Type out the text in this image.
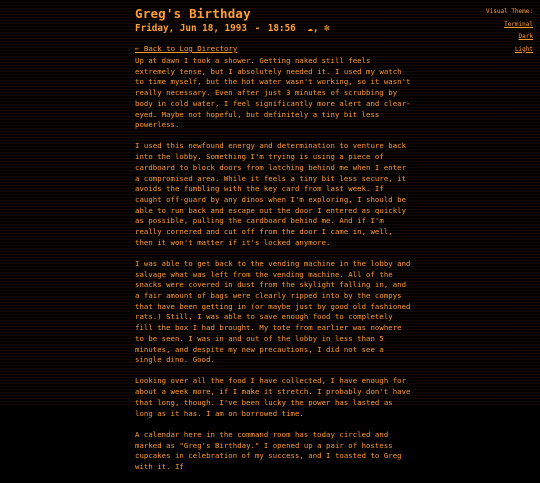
Greg's Birthday
Friday, Jun 18, 1993 - 18:56 ☁, ❄
← Back to Log Directory
Visual Theme:
Terminal
Dark
Light

Up at dawn I took a shower. Getting naked still feels extremely tense, but I absolutely needed it. I used my watch to time myself, but the hot water wasn't working, so it wasn't really necessary. Even after just 3 minutes of scrubbing by body in cold water, I feel significantly more alert and clear-eyed. Maybe not hopeful, but definitely a tiny bit less powerless.

I used this newfound energy and determination to venture back into the lobby. Something I'm trying is using a piece of cardboard to block doors from latching behind me when I enter a compromised area. While it feels a tiny bit less secure, it avoids the fumbling with the key card from last week. If caught off-guard by any dinos when I'm exploring, I should be able to run back and escape out the door I entered as quickly as possible, pulling the cardboard behind me. And if I'm really cornered and cut off from the door I came in, well, then it won't matter if it's locked anymore.

I was able to get back to the vending machine in the lobby and salvage what was left from the vending machine. All of the snacks were covered in dust from the skylight falling in, and a fair amount of bags were clearly ripped into by the compys that have been getting in (or maybe just by good old fashioned rats.) Still, I was able to save enough food to completely fill the box I had brought. My tote from earlier was nowhere to be seen. I was in and out of the lobby in less than 5 minutes, and despite my new precautions, I did not see a single dino. Good.

Looking over all the food I have collected, I have enough for about a week more, if I make it stretch. I probably don't have that long, though. I've been lucky the power has lasted as long as it has. I am on borrowed time.

A calendar here in the command room has today circled and marked as "Greg's Birthday." I opened up a pair of hostess cupcakes in celebration of my success, and I toasted to Greg with it. If
